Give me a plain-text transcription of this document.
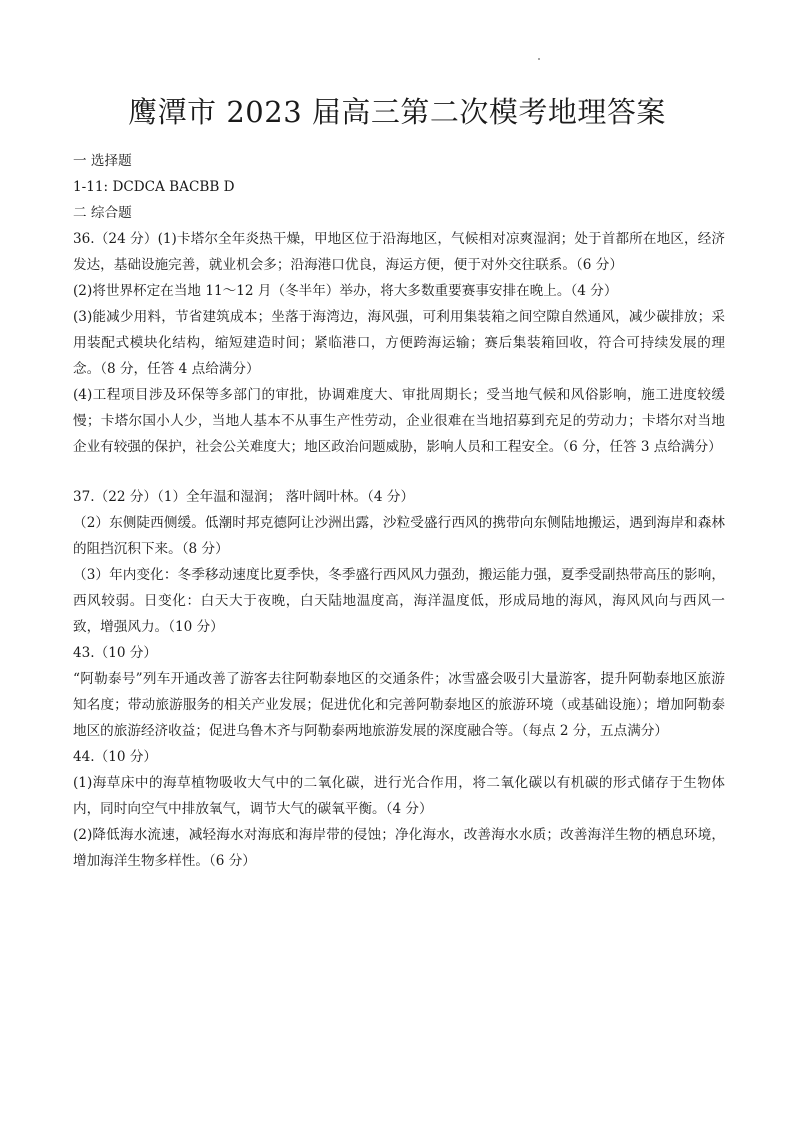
鹰潭市 2023 届高三第二次模考地理答案

一 选择题

1-11: DCDCA BACBB D

二 综合题

36.（24 分）(1)卡塔尔全年炎热干燥，甲地区位于沿海地区，气候相对凉爽湿润；处于首都所在地区，经济发达，基础设施完善，就业机会多；沿海港口优良，海运方便，便于对外交往联系。（6 分）

(2)将世界杯定在当地 11～12 月（冬半年）举办，将大多数重要赛事安排在晚上。（4 分）

(3)能减少用料，节省建筑成本；坐落于海湾边，海风强，可利用集装箱之间空隙自然通风，减少碳排放；采用装配式模块化结构，缩短建造时间；紧临港口，方便跨海运输；赛后集装箱回收，符合可持续发展的理念。（8 分，任答 4 点给满分）

(4)工程项目涉及环保等多部门的审批，协调难度大、审批周期长；受当地气候和风俗影响，施工进度较缓慢；卡塔尔国小人少，当地人基本不从事生产性劳动，企业很难在当地招募到充足的劳动力；卡塔尔对当地企业有较强的保护，社会公关难度大；地区政治问题威胁，影响人员和工程安全。（6 分，任答 3 点给满分）

37.（22 分）（1）全年温和湿润； 落叶阔叶林。（4 分）

（2）东侧陡西侧缓。低潮时邦克德阿让沙洲出露，沙粒受盛行西风的携带向东侧陆地搬运，遇到海岸和森林的阻挡沉积下来。（8 分）

（3）年内变化：冬季移动速度比夏季快，冬季盛行西风风力强劲，搬运能力强，夏季受副热带高压的影响，西风较弱。日变化：白天大于夜晚，白天陆地温度高，海洋温度低，形成局地的海风，海风风向与西风一致，增强风力。（10 分）

43.（10 分）

“阿勒泰号”列车开通改善了游客去往阿勒泰地区的交通条件；冰雪盛会吸引大量游客，提升阿勒泰地区旅游知名度；带动旅游服务的相关产业发展；促进优化和完善阿勒泰地区的旅游环境（或基础设施）；增加阿勒泰地区的旅游经济收益；促进乌鲁木齐与阿勒泰两地旅游发展的深度融合等。（每点 2 分，五点满分）

44.（10 分）

(1)海草床中的海草植物吸收大气中的二氧化碳，进行光合作用，将二氧化碳以有机碳的形式储存于生物体内，同时向空气中排放氧气，调节大气的碳氧平衡。（4 分）

(2)降低海水流速，减轻海水对海底和海岸带的侵蚀；净化海水，改善海水水质；改善海洋生物的栖息环境，增加海洋生物多样性。（6 分）
